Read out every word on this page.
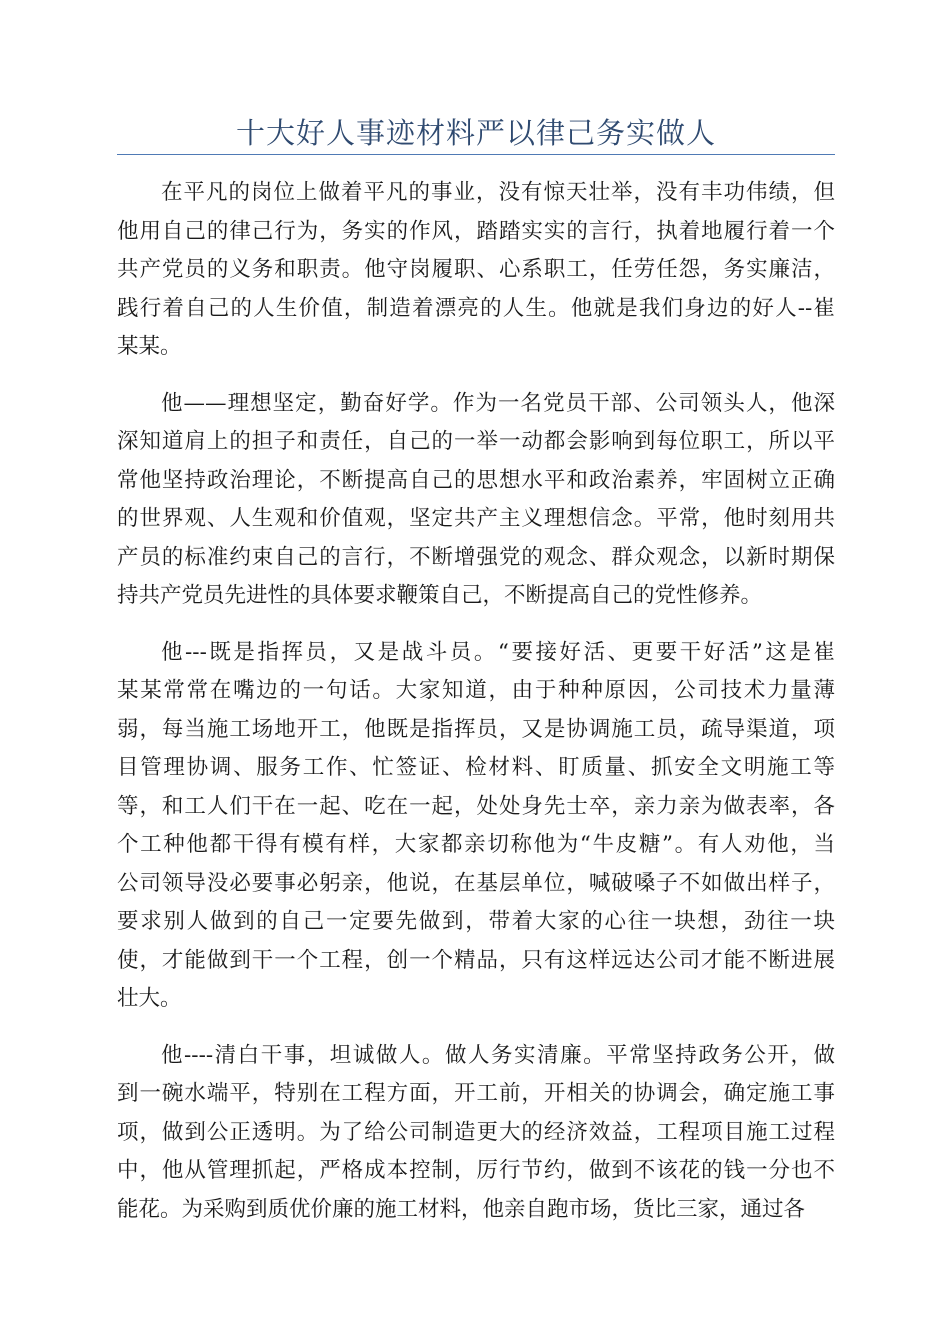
十大好人事迹材料严以律己务实做人

在平凡的岗位上做着平凡的事业，没有惊天壮举，没有丰功伟绩，但
他用自己的律己行为，务实的作风，踏踏实实的言行，执着地履行着一个
共产党员的义务和职责。他守岗履职、心系职工，任劳任怨，务实廉洁，
践行着自己的人生价值，制造着漂亮的人生。他就是我们身边的好人--崔
某某。

他——理想坚定，勤奋好学。作为一名党员干部、公司领头人，他深
深知道肩上的担子和责任，自己的一举一动都会影响到每位职工，所以平
常他坚持政治理论，不断提高自己的思想水平和政治素养，牢固树立正确
的世界观、人生观和价值观，坚定共产主义理想信念。平常，他时刻用共
产员的标准约束自己的言行，不断增强党的观念、群众观念，以新时期保
持共产党员先进性的具体要求鞭策自己，不断提高自己的党性修养。

他---既是指挥员，又是战斗员。“要接好活、更要干好活”这是崔
某某常常在嘴边的一句话。大家知道，由于种种原因，公司技术力量薄
弱，每当施工场地开工，他既是指挥员，又是协调施工员，疏导渠道，项
目管理协调、服务工作、忙签证、检材料、盯质量、抓安全文明施工等
等，和工人们干在一起、吃在一起，处处身先士卒，亲力亲为做表率，各
个工种他都干得有模有样，大家都亲切称他为“牛皮糖”。有人劝他，当
公司领导没必要事必躬亲，他说，在基层单位，喊破嗓子不如做出样子，
要求别人做到的自己一定要先做到，带着大家的心往一块想，劲往一块
使，才能做到干一个工程，创一个精品，只有这样远达公司才能不断进展
壮大。

他----清白干事，坦诚做人。做人务实清廉。平常坚持政务公开，做
到一碗水端平，特别在工程方面，开工前，开相关的协调会，确定施工事
项，做到公正透明。为了给公司制造更大的经济效益，工程项目施工过程
中，他从管理抓起，严格成本控制，厉行节约，做到不该花的钱一分也不
能花。为采购到质优价廉的施工材料，他亲自跑市场，货比三家，通过各
